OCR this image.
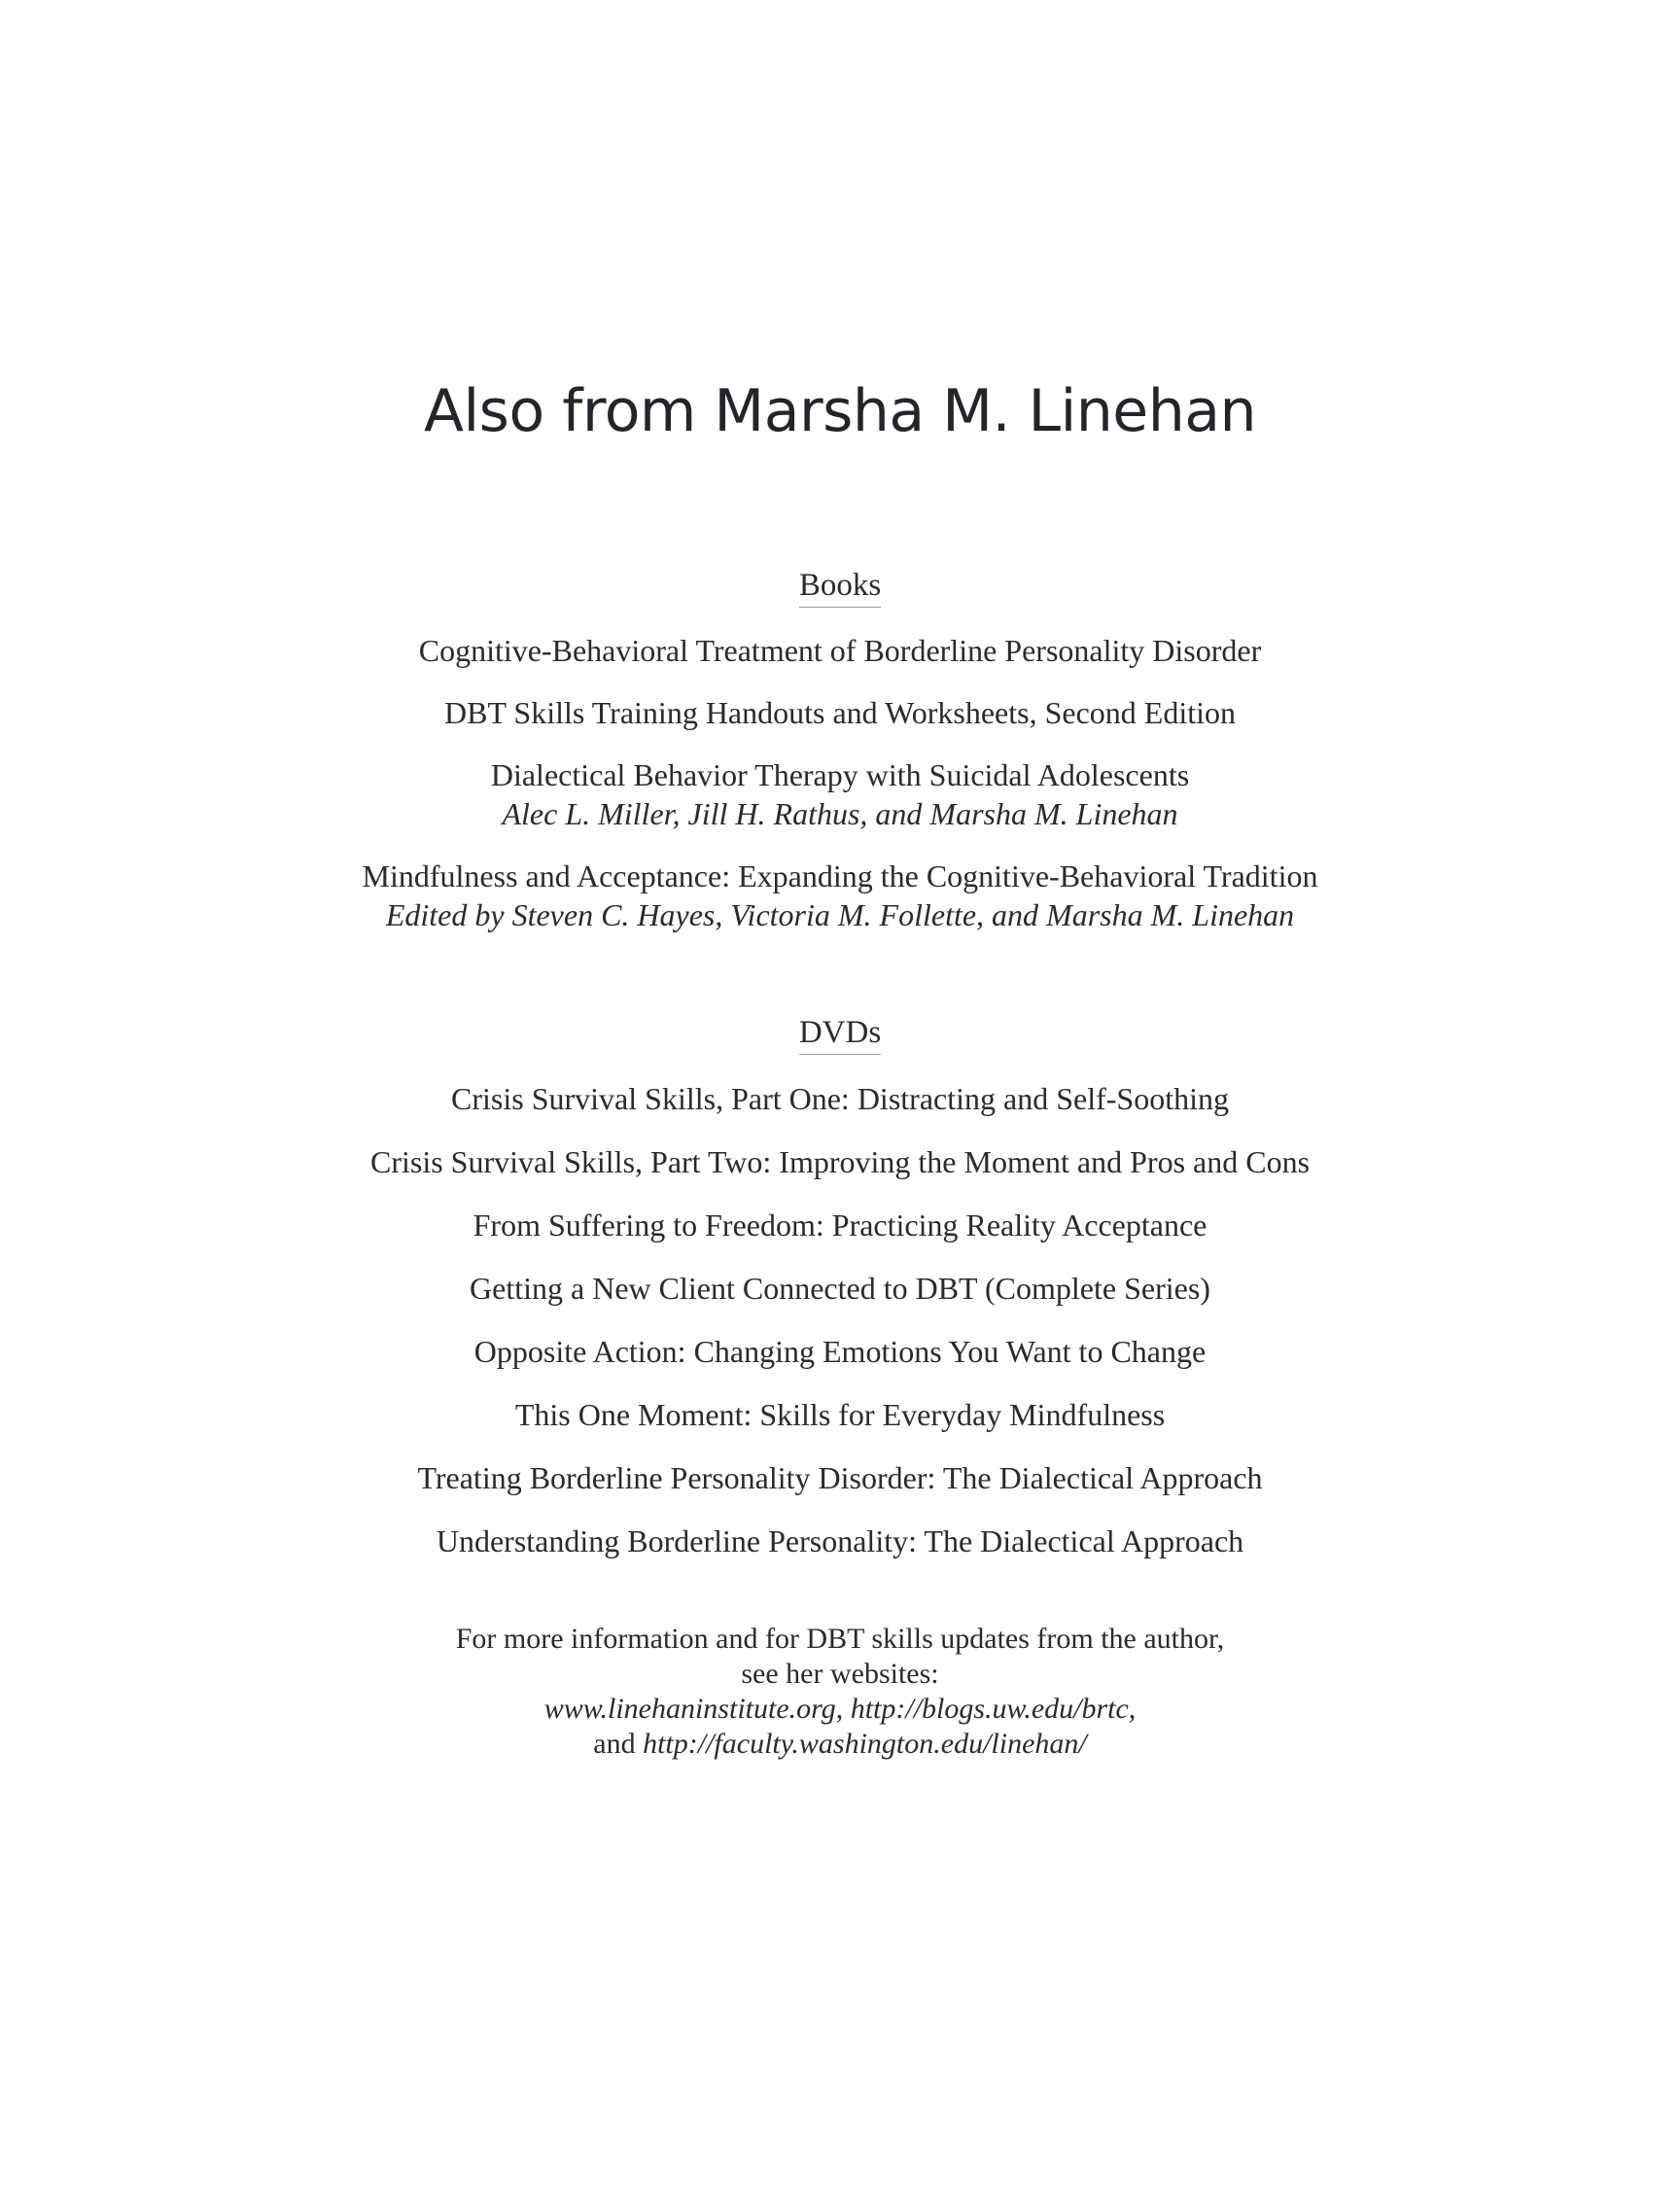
Also from Marsha M. Linehan
Books
Cognitive-Behavioral Treatment of Borderline Personality Disorder
DBT Skills Training Handouts and Worksheets, Second Edition
Dialectical Behavior Therapy with Suicidal Adolescents
Alec L. Miller, Jill H. Rathus, and Marsha M. Linehan
Mindfulness and Acceptance: Expanding the Cognitive-Behavioral Tradition
Edited by Steven C. Hayes, Victoria M. Follette, and Marsha M. Linehan
DVDs
Crisis Survival Skills, Part One: Distracting and Self-Soothing
Crisis Survival Skills, Part Two: Improving the Moment and Pros and Cons
From Suffering to Freedom: Practicing Reality Acceptance
Getting a New Client Connected to DBT (Complete Series)
Opposite Action: Changing Emotions You Want to Change
This One Moment: Skills for Everyday Mindfulness
Treating Borderline Personality Disorder: The Dialectical Approach
Understanding Borderline Personality: The Dialectical Approach
For more information and for DBT skills updates from the author,
see her websites:
www.linehaninstitute.org, http://blogs.uw.edu/brtc,
and http://faculty.washington.edu/linehan/
